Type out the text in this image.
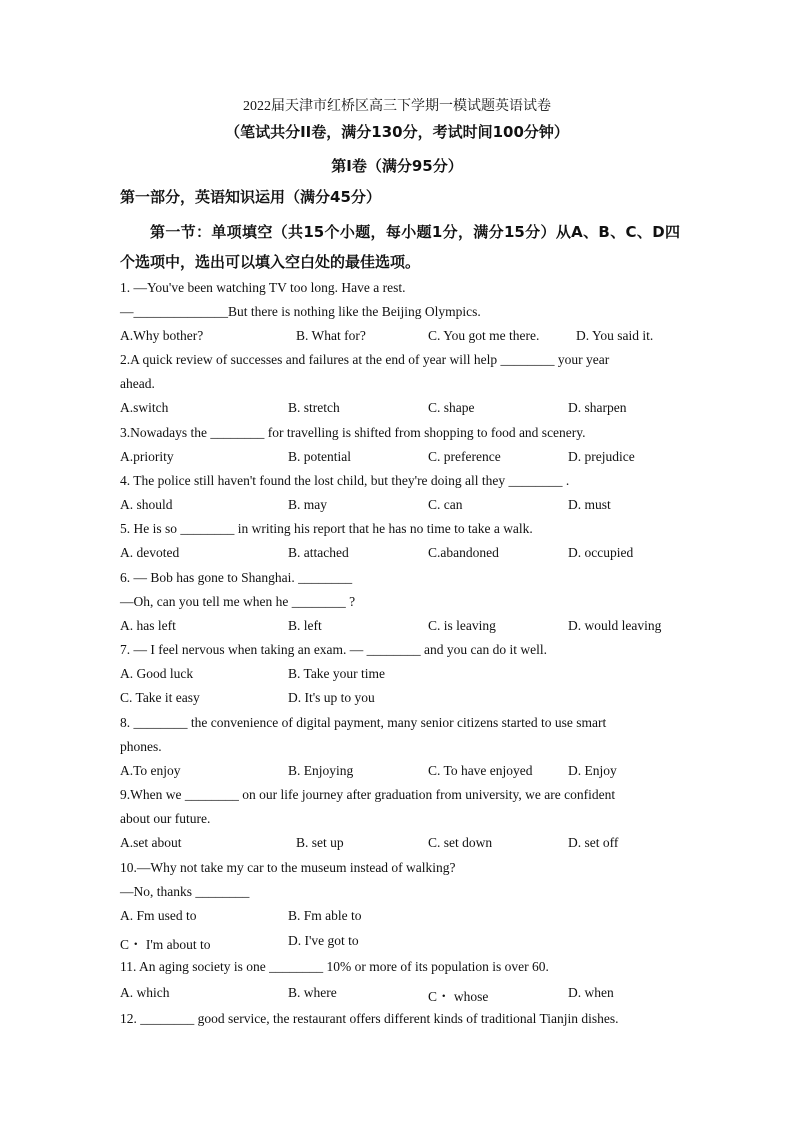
2022届天津市红桥区高三下学期一模试题英语试卷
（笔试共分II卷，满分130分，考试时间100分钟）
第I卷（满分95分）
第一部分，英语知识运用（满分45分）
第一节：单项填空（共15个小题，每小题1分，满分15分）从A、B、C、D四个选项中，选出可以填入空白处的最佳选项。
1. —You've been watching TV too long. Have a rest.
—______________But there is nothing like the Beijing Olympics.
A.Why bother?	B. What for?	C. You got me there.	D. You said it.
2.A quick review of successes and failures at the end of year will help ________ your year
ahead.
A.switch	B. stretch	C. shape	D. sharpen
3.Nowadays the ________ for travelling is shifted from shopping to food and scenery.
A.priority	B. potential	C. preference	D. prejudice
4. The police still haven't found the lost child, but they're doing all they ________ .
A. should	B. may	C. can	D. must
5. He is so ________ in writing his report that he has no time to take a walk.
A. devoted	B. attached	C.abandoned	D. occupied
6. — Bob has gone to Shanghai. ________
—Oh, can you tell me when he ________ ?
A. has left	B. left	C. is leaving	D. would leaving
7. — I feel nervous when taking an exam. — ________ and you can do it well.
A. Good luck	B. Take your time
C. Take it easy	D. It's up to you
8. ________ the convenience of digital payment, many senior citizens started to use smart
phones.
A.To enjoy	B. Enjoying	C. To have enjoyed	D. Enjoy
9.When we ________ on our life journey after graduation from university, we are confident
about our future.
A.set about	B. set up	C. set down	D. set off
10.—Why not take my car to the museum instead of walking?
—No, thanks ________
A. Fm used to	B. Fm able to
C・ I'm about to	D. I've got to
11. An aging society is one ________ 10% or more of its population is over 60.
A. which	B. where	C・ whose	D. when
12. ________ good service, the restaurant offers different kinds of traditional Tianjin dishes.
